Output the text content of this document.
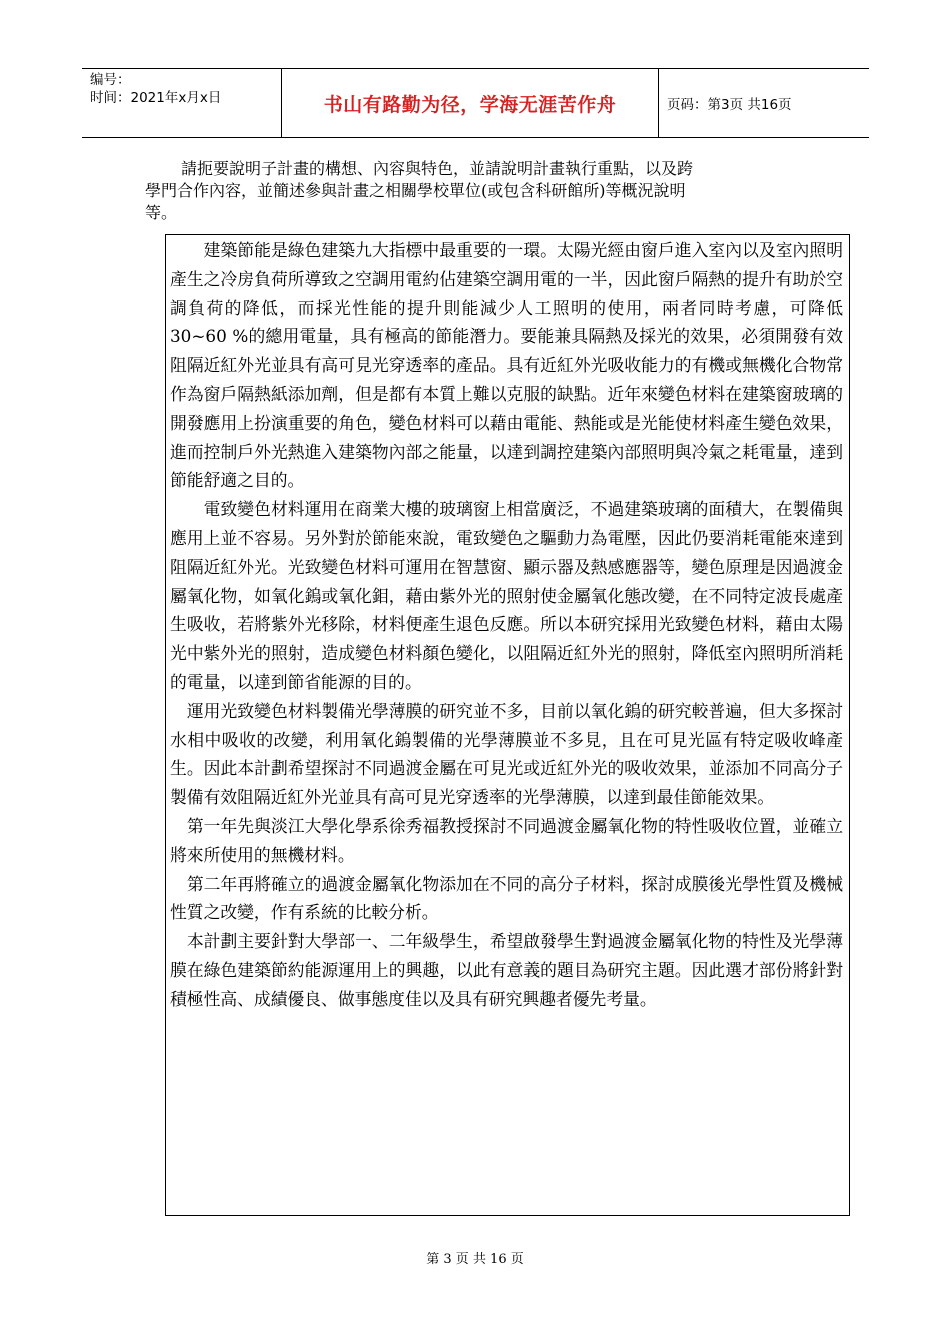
编号：
时间：2021年x月x日	书山有路勤为径，学海无涯苦作舟	页码：第3页 共16页
請扼要說明子計畫的構想、內容與特色，並請說明計畫執行重點，以及跨
學門合作內容，並簡述參與計畫之相關學校單位(或包含科研館所)等概況說明
等。

　　建築節能是綠色建築九大指標中最重要的一環。太陽光經由窗戶進入室內以及室內照明產生之冷房負荷所導致之空調用電約佔建築空調用電的一半，因此窗戶隔熱的提升有助於空調負荷的降低，而採光性能的提升則能減少人工照明的使用，兩者同時考慮，可降低30~60 %的總用電量，具有極高的節能潛力。要能兼具隔熱及採光的效果，必須開發有效阻隔近紅外光並具有高可見光穿透率的產品。具有近紅外光吸收能力的有機或無機化合物常作為窗戶隔熱紙添加劑，但是都有本質上難以克服的缺點。近年來變色材料在建築窗玻璃的開發應用上扮演重要的角色，變色材料可以藉由電能、熱能或是光能使材料產生變色效果，進而控制戶外光熱進入建築物內部之能量，以達到調控建築內部照明與冷氣之耗電量，達到節能舒適之目的。

　　電致變色材料運用在商業大樓的玻璃窗上相當廣泛，不過建築玻璃的面積大，在製備與應用上並不容易。另外對於節能來說，電致變色之驅動力為電壓，因此仍要消耗電能來達到阻隔近紅外光。光致變色材料可運用在智慧窗、顯示器及熱感應器等，變色原理是因過渡金屬氧化物，如氧化鎢或氧化鉬，藉由紫外光的照射使金屬氧化態改變，在不同特定波長處產生吸收，若將紫外光移除，材料便產生退色反應。所以本研究採用光致變色材料，藉由太陽光中紫外光的照射，造成變色材料顏色變化，以阻隔近紅外光的照射，降低室內照明所消耗的電量，以達到節省能源的目的。

　運用光致變色材料製備光學薄膜的研究並不多，目前以氧化鎢的研究較普遍，但大多探討水相中吸收的改變，利用氧化鎢製備的光學薄膜並不多見，且在可見光區有特定吸收峰產生。因此本計劃希望探討不同過渡金屬在可見光或近紅外光的吸收效果，並添加不同高分子製備有效阻隔近紅外光並具有高可見光穿透率的光學薄膜，以達到最佳節能效果。

　第一年先與淡江大學化學系徐秀福教授探討不同過渡金屬氧化物的特性吸收位置，並確立將來所使用的無機材料。

　第二年再將確立的過渡金屬氧化物添加在不同的高分子材料，探討成膜後光學性質及機械性質之改變，作有系統的比較分析。

　本計劃主要針對大學部一、二年級學生，希望啟發學生對過渡金屬氧化物的特性及光學薄膜在綠色建築節約能源運用上的興趣，以此有意義的題目為研究主題。因此選才部份將針對積極性高、成績優良、做事態度佳以及具有研究興趣者優先考量。

第 3 页 共 16 页
